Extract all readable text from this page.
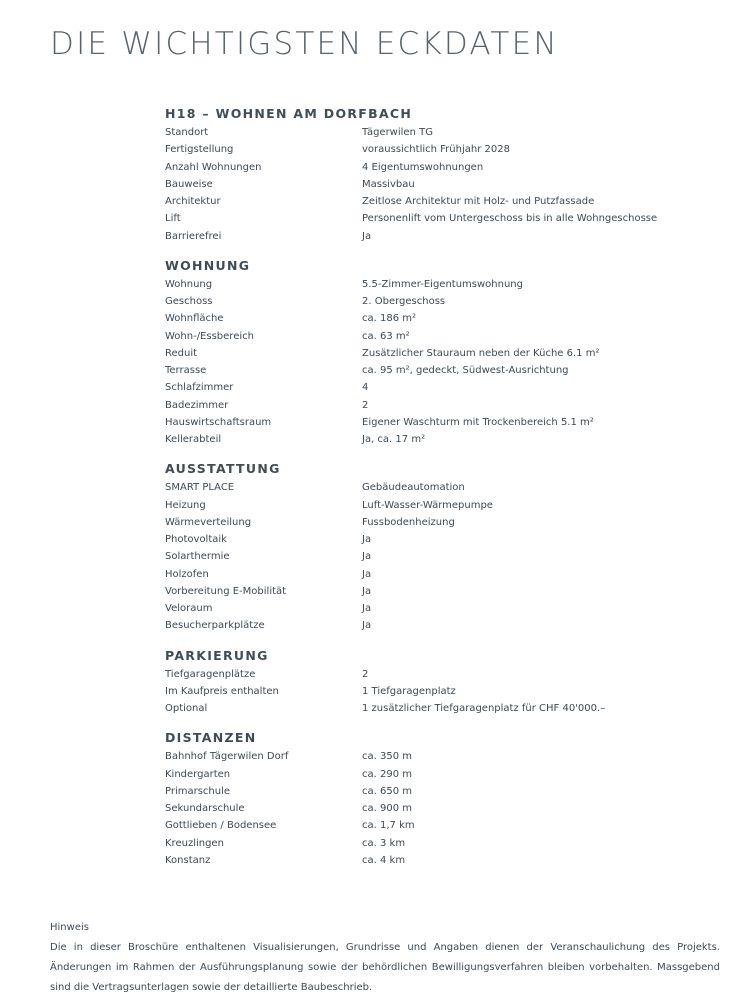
DIE WICHTIGSTEN ECKDATEN
H18 – WOHNEN AM DORFBACH
Standort	Tägerwilen TG
Fertigstellung	voraussichtlich Frühjahr 2028
Anzahl Wohnungen	4 Eigentumswohnungen
Bauweise	Massivbau
Architektur	Zeitlose Architektur mit Holz- und Putzfassade
Lift	Personenlift vom Untergeschoss bis in alle Wohngeschosse
Barrierefrei	Ja
WOHNUNG
Wohnung	5.5-Zimmer-Eigentumswohnung
Geschoss	2. Obergeschoss
Wohnfläche	ca. 186 m²
Wohn-/Essbereich	ca. 63 m²
Reduit	Zusätzlicher Stauraum neben der Küche 6.1 m²
Terrasse	ca. 95 m², gedeckt, Südwest-Ausrichtung
Schlafzimmer	4
Badezimmer	2
Hauswirtschaftsraum	Eigener Waschturm mit Trockenbereich 5.1 m²
Kellerabteil	Ja, ca. 17 m²
AUSSTATTUNG
SMART PLACE	Gebäudeautomation
Heizung	Luft-Wasser-Wärmepumpe
Wärmeverteilung	Fussbodenheizung
Photovoltaik	Ja
Solarthermie	Ja
Holzofen	Ja
Vorbereitung E-Mobilität	Ja
Veloraum	Ja
Besucherparkplätze	Ja
PARKIERUNG
Tiefgaragenplätze	2
Im Kaufpreis enthalten	1 Tiefgaragenplatz
Optional	1 zusätzlicher Tiefgaragenplatz für CHF 40'000.–
DISTANZEN
Bahnhof Tägerwilen Dorf	ca. 350 m
Kindergarten	ca. 290 m
Primarschule	ca. 650 m
Sekundarschule	ca. 900 m
Gottlieben / Bodensee	ca. 1,7 km
Kreuzlingen	ca. 3 km
Konstanz	ca. 4 km

Hinweis

Die in dieser Broschüre enthaltenen Visualisierungen, Grundrisse und Angaben dienen der Veranschaulichung des Projekts. Änderungen im Rahmen der Ausführungsplanung sowie der behördlichen Bewilligungsverfahren bleiben vorbehalten. Massgebend sind die Vertragsunterlagen sowie der detaillierte Baubeschrieb.
